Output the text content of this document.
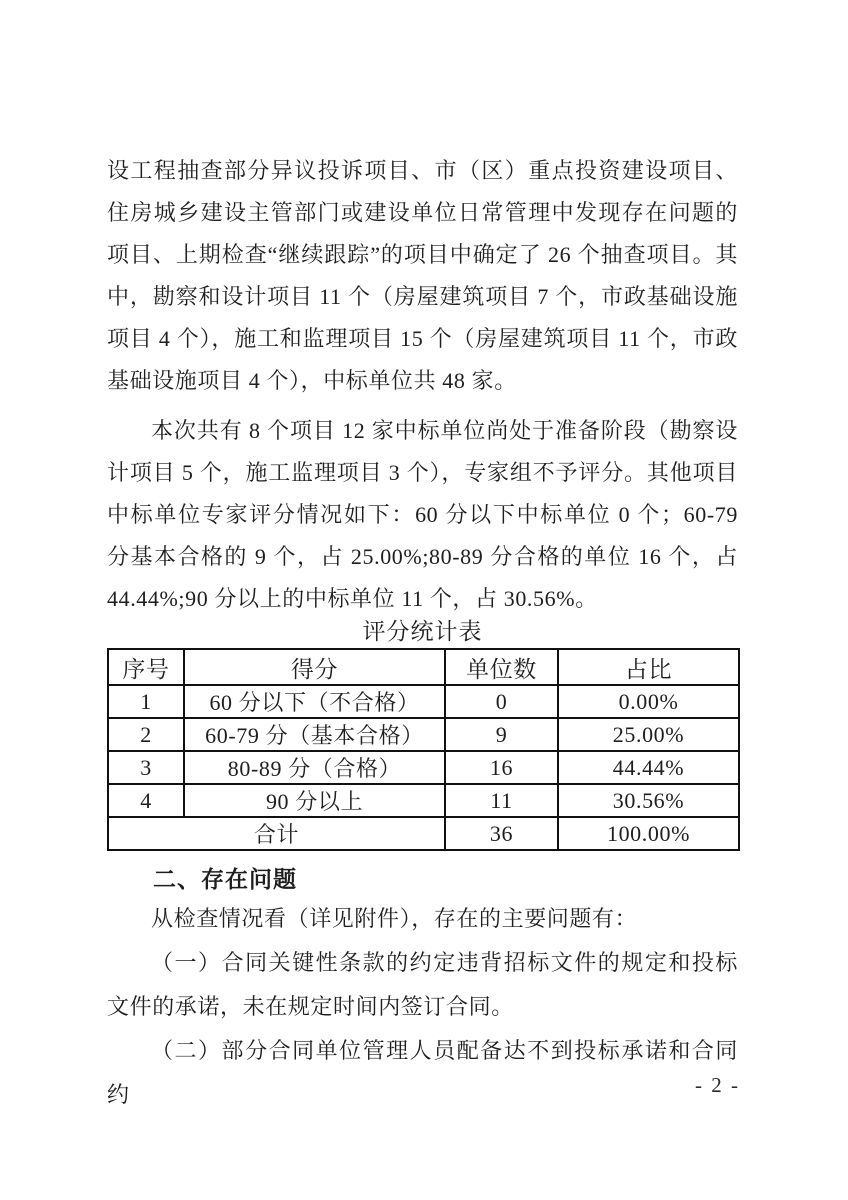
设工程抽查部分异议投诉项目、市（区）重点投资建设项目、住房城乡建设主管部门或建设单位日常管理中发现存在问题的项目、上期检查“继续跟踪”的项目中确定了 26 个抽查项目。其中，勘察和设计项目 11 个（房屋建筑项目 7 个，市政基础设施项目 4 个），施工和监理项目 15 个（房屋建筑项目 11 个，市政基础设施项目 4 个），中标单位共 48 家。

本次共有 8 个项目 12 家中标单位尚处于准备阶段（勘察设计项目 5 个，施工监理项目 3 个），专家组不予评分。其他项目中标单位专家评分情况如下：60 分以下中标单位 0 个；60-79 分基本合格的 9 个，占 25.00%;80-89 分合格的单位 16 个，占 44.44%;90 分以上的中标单位 11 个，占 30.56%。

评分统计表
序号	得分	单位数	占比
1	60 分以下（不合格）	0	0.00%
2	60-79 分（基本合格）	9	25.00%
3	80-89 分（合格）	16	44.44%
4	90 分以上	11	30.56%
合计		36	100.00%
二、存在问题

从检查情况看（详见附件），存在的主要问题有：

（一）合同关键性条款的约定违背招标文件的规定和投标文件的承诺，未在规定时间内签订合同。

（二）部分合同单位管理人员配备达不到投标承诺和合同约	- 2 -
